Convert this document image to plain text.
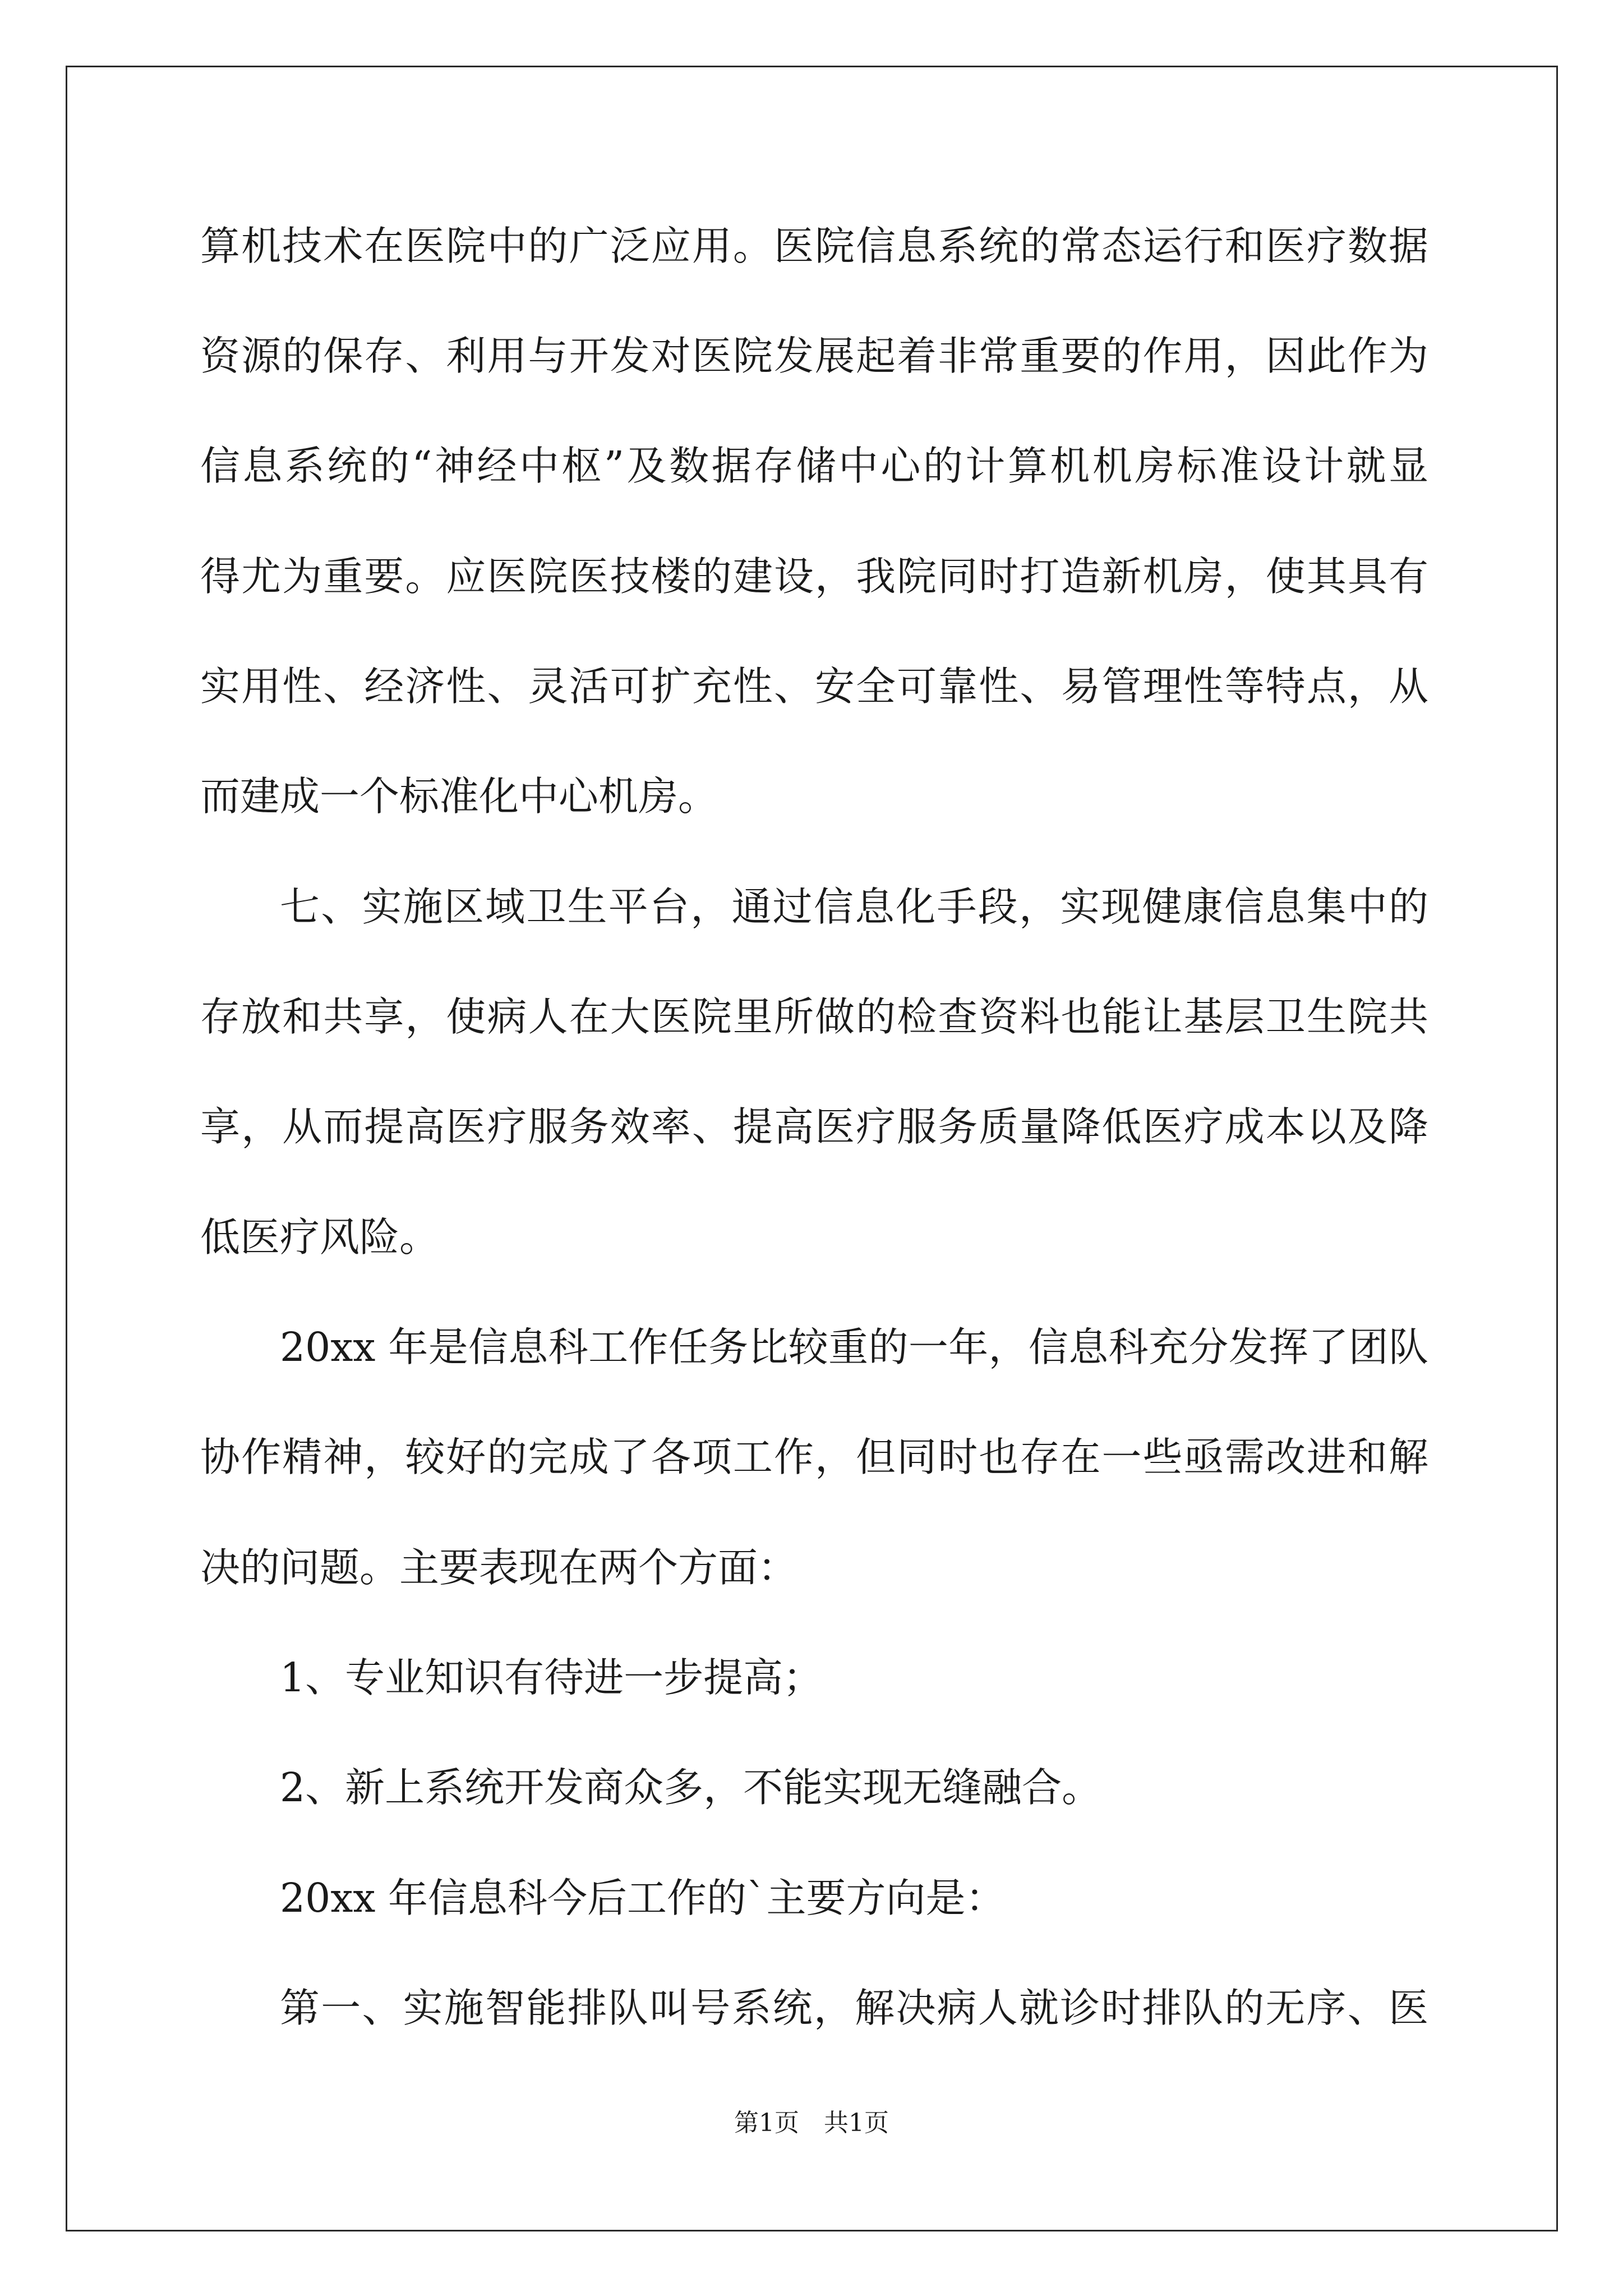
算机技术在医院中的广泛应用。医院信息系统的常态运行和医疗数据
资源的保存、利用与开发对医院发展起着非常重要的作用，因此作为
信息系统的“神经中枢”及数据存储中心的计算机机房标准设计就显
得尤为重要。应医院医技楼的建设，我院同时打造新机房，使其具有
实用性、经济性、灵活可扩充性、安全可靠性、易管理性等特点，从
而建成一个标准化中心机房。
七、实施区域卫生平台，通过信息化手段，实现健康信息集中的
存放和共享，使病人在大医院里所做的检查资料也能让基层卫生院共
享，从而提高医疗服务效率、提高医疗服务质量降低医疗成本以及降
低医疗风险。
20xx 年是信息科工作任务比较重的一年，信息科充分发挥了团队
协作精神，较好的完成了各项工作，但同时也存在一些亟需改进和解
决的问题。主要表现在两个方面：
1、专业知识有待进一步提高；
2、新上系统开发商众多，不能实现无缝融合。
20xx 年信息科今后工作的`主要方向是：
第一、实施智能排队叫号系统，解决病人就诊时排队的无序、医
第1页　共1页
